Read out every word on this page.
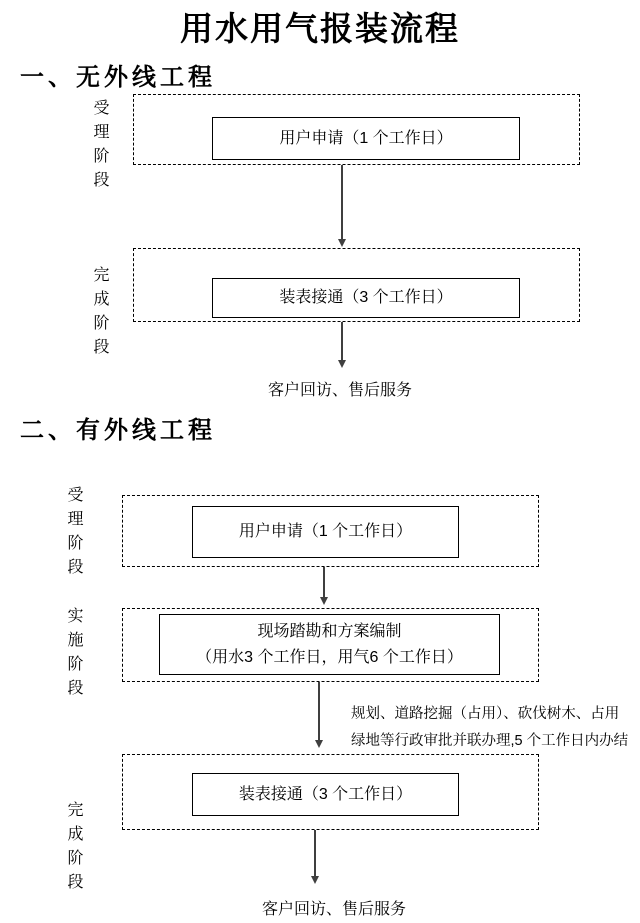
用水用气报装流程
一、无外线工程
受理阶段	用户申请（1 个工作日）
完成阶段	装表接通（3 个工作日）
客户回访、售后服务
二、有外线工程
受理阶段	用户申请（1 个工作日）
实施阶段	现场踏勘和方案编制
（用水3 个工作日，用气6 个工作日）
规划、道路挖掘（占用）、砍伐树木、占用
绿地等行政审批并联办理,5 个工作日内办结
完成阶段
装表接通（3 个工作日）
客户回访、售后服务
